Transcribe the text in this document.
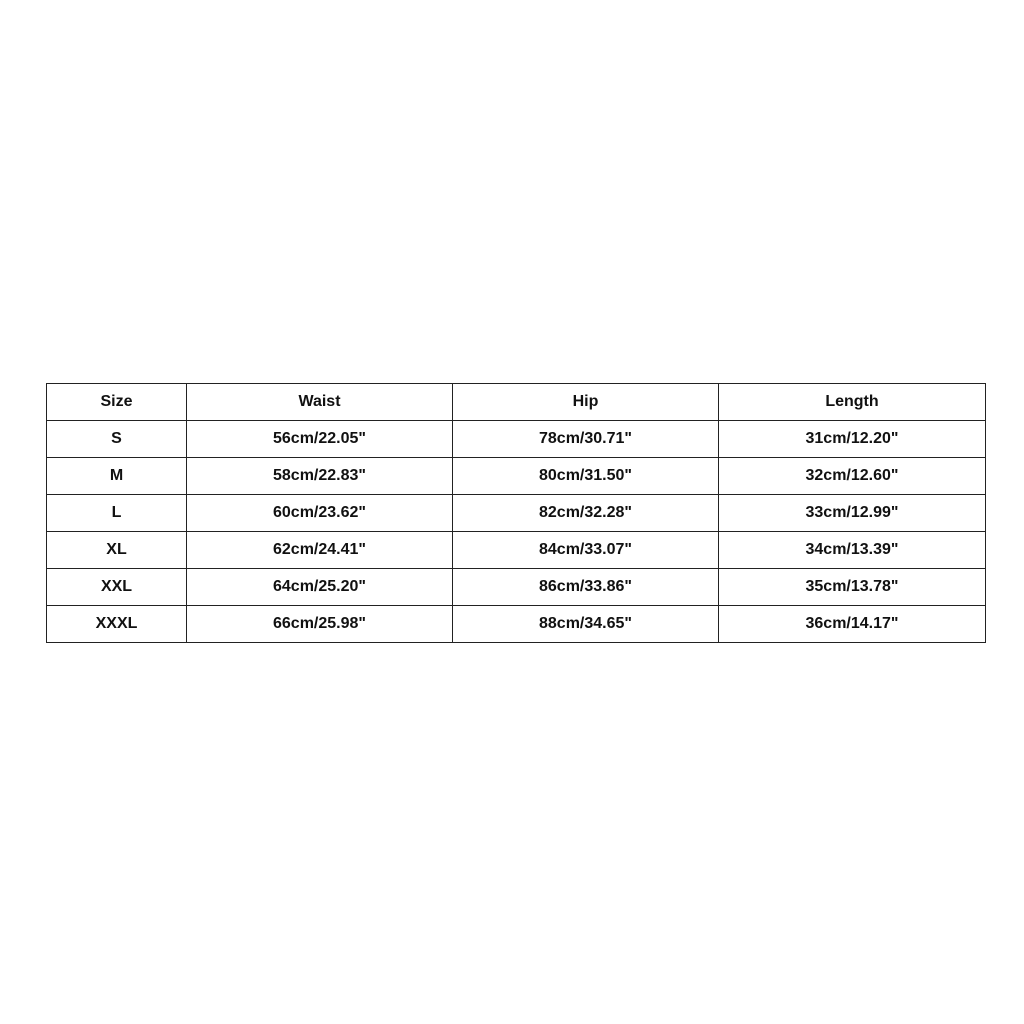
Size	Waist	Hip	Length
S	56cm/22.05"	78cm/30.71"	31cm/12.20"
M	58cm/22.83"	80cm/31.50"	32cm/12.60"
L	60cm/23.62"	82cm/32.28"	33cm/12.99"
XL	62cm/24.41"	84cm/33.07"	34cm/13.39"
XXL	64cm/25.20"	86cm/33.86"	35cm/13.78"
XXXL	66cm/25.98"	88cm/34.65"	36cm/14.17"
